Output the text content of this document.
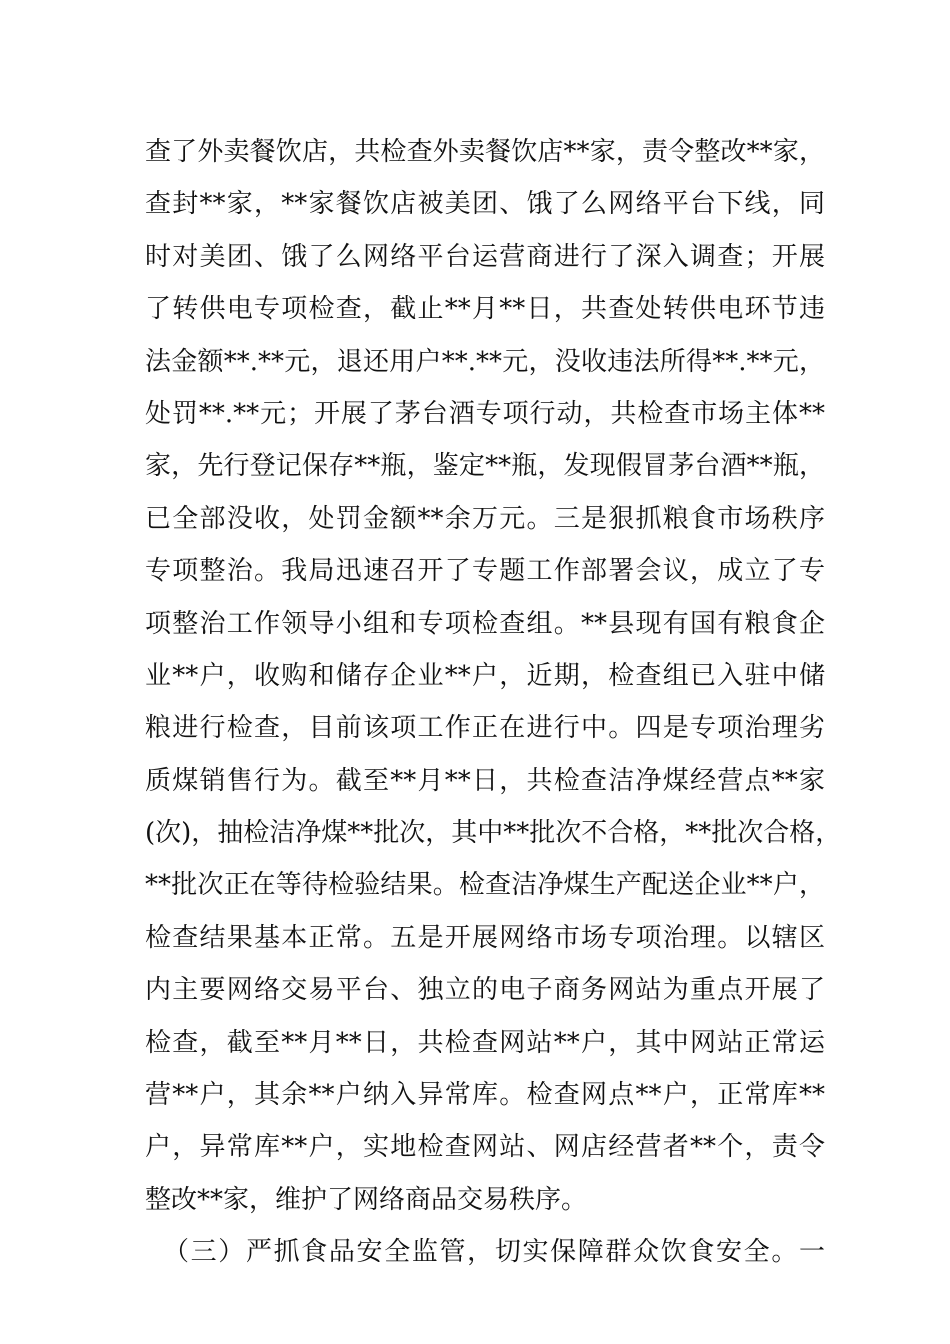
查了外卖餐饮店，共检查外卖餐饮店**家，责令整改**家，
查封**家，**家餐饮店被美团、饿了么网络平台下线，同
时对美团、饿了么网络平台运营商进行了深入调查；开展
了转供电专项检查，截止**月**日，共查处转供电环节违
法金额**.**元，退还用户**.**元，没收违法所得**.**元，
处罚**.**元；开展了茅台酒专项行动，共检查市场主体**
家，先行登记保存**瓶，鉴定**瓶，发现假冒茅台酒**瓶，
已全部没收，处罚金额**余万元。三是狠抓粮食市场秩序
专项整治。我局迅速召开了专题工作部署会议，成立了专
项整治工作领导小组和专项检查组。**县现有国有粮食企
业**户，收购和储存企业**户，近期，检查组已入驻中储
粮进行检查，目前该项工作正在进行中。四是专项治理劣
质煤销售行为。截至**月**日，共检查洁净煤经营点**家
(次)，抽检洁净煤**批次，其中**批次不合格，**批次合格，
**批次正在等待检验结果。检查洁净煤生产配送企业**户，
检查结果基本正常。五是开展网络市场专项治理。以辖区
内主要网络交易平台、独立的电子商务网站为重点开展了
检查，截至**月**日，共检查网站**户，其中网站正常运
营**户，其余**户纳入异常库。检查网点**户，正常库**
户，异常库**户，实地检查网站、网店经营者**个，责令
整改**家，维护了网络商品交易秩序。
（三）严抓食品安全监管，切实保障群众饮食安全。一
